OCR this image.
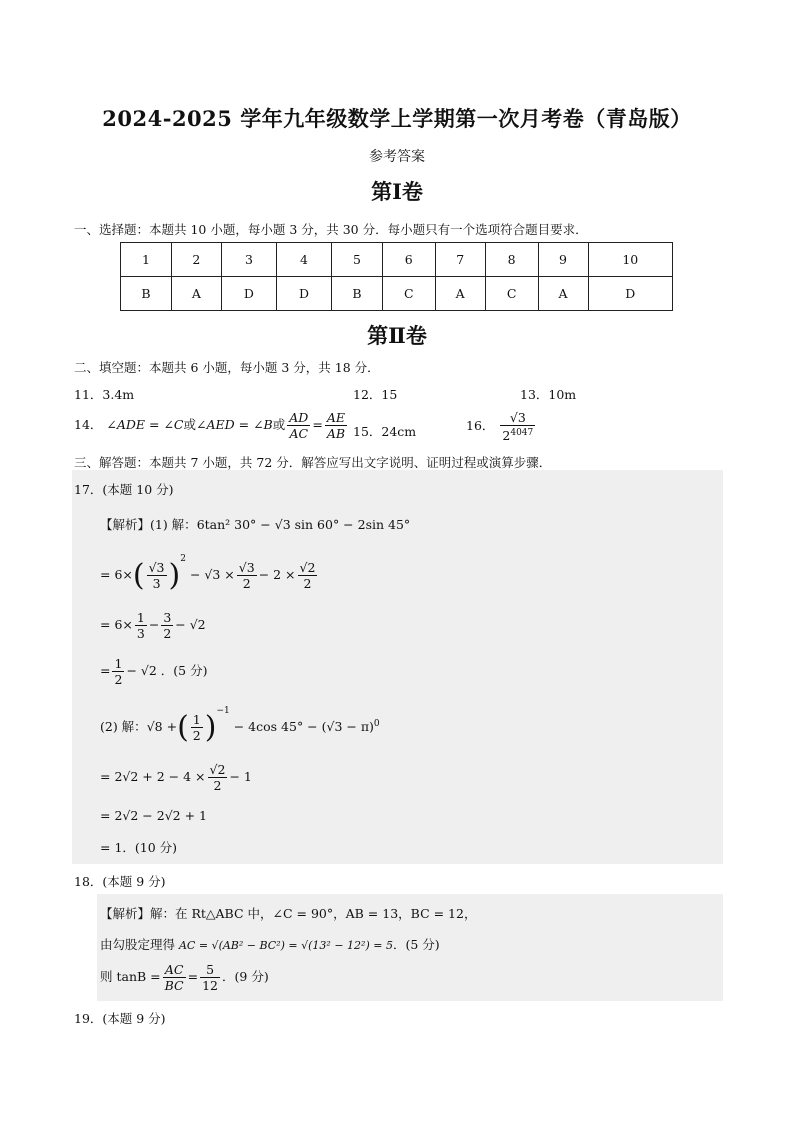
2024-2025 学年九年级数学上学期第一次月考卷（青岛版）
参考答案
第Ⅰ卷
一、选择题：本题共 10 小题，每小题 3 分，共 30 分．每小题只有一个选项符合题目要求．
1	2	3	4	5	6	7	8	9	10
B	A	D	D	B	C	A	C	A	D
第Ⅱ卷
二、填空题：本题共 6 小题，每小题 3 分，共 18 分．
11．3.4m	12．15	13．10m
14． ∠ADE = ∠C或∠AED = ∠B或 $\frac{AD}{AC} = \frac{AE}{AB} 15$．24cm	16． $\frac{√3}{2^{4047}}$
三、解答题：本题共 7 小题，共 72 分．解答应写出文字说明、证明过程或演算步骤．
17．(本题 10 分)
【解析】(1) 解：6tan² 30° − √3 sin 60° − 2sin 45°
= $6\times( \frac{√3}{3} )^2 - √3 \times \frac{√3}{2} - 2 \times \frac{√2}{2}$
= $6\times \frac{1}{3} - \frac{3}{2} - √2$
= $\frac{1}{2} - √2$ ．(5 分)
(2) 解：√8 +( $\frac{1}{2} )^{-1} - 4\cos$ $45^\circ - (√3 - \pi)^0$
= $2√2 + 2 - 4 \times \frac{√2}{2} - 1$
= 2√2 − 2√2 + 1
= 1．(10 分)
18．(本题 9 分)
【解析】解：在 Rt△ABC 中，∠C = 90°，AB = 13，BC = 12，
由勾股定理得 AC = √(AB² − BC²) = √(13² − 12²) = 5．(5 分)
则 $\tan B = \frac{AC}{BC} = \frac{5}{12}$ ．(9 分)
19．(本题 9 分)
